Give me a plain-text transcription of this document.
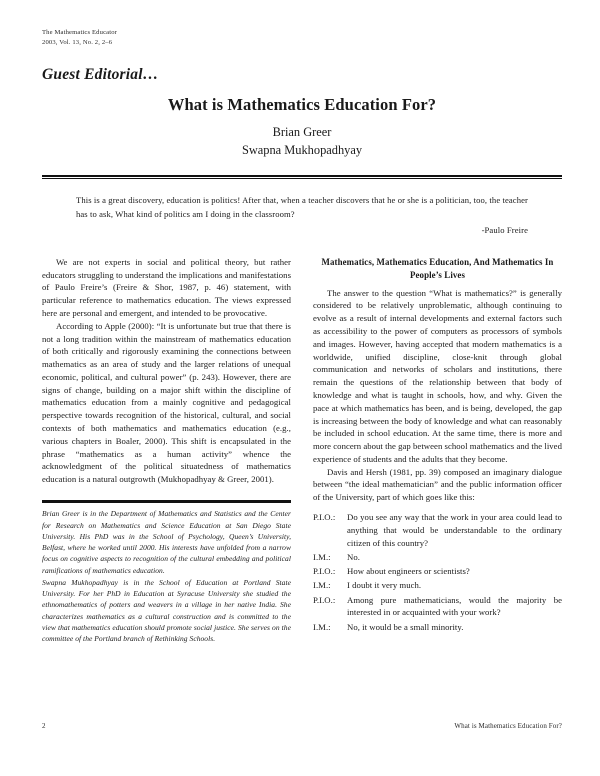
The Mathematics Educator
2003, Vol. 13, No. 2, 2–6
Guest Editorial…
What is Mathematics Education For?
Brian Greer
Swapna Mukhopadhyay
This is a great discovery, education is politics! After that, when a teacher discovers that he or she is a politician, too, the teacher has to ask, What kind of politics am I doing in the classroom?
-Paulo Freire

We are not experts in social and political theory, but rather educators struggling to understand the implications and manifestations of Paulo Freire’s (Freire & Shor, 1987, p. 46) statement, with particular reference to mathematics education. The views expressed here are personal and emergent, and intended to be provocative.

According to Apple (2000): “It is unfortunate but true that there is not a long tradition within the mainstream of mathematics education of both critically and rigorously examining the connections between mathematics as an area of study and the larger relations of unequal economic, political, and cultural power” (p. 243). However, there are signs of change, building on a major shift within the discipline of mathematics education from a mainly cognitive and pedagogical perspective towards recognition of the historical, cultural, and social contexts of both mathematics and mathematics education (e.g., various chapters in Boaler, 2000). This shift is encapsulated in the phrase “mathematics as a human activity” whence the acknowledgment of the political situatedness of mathematics education is a natural outgrowth (Mukhopadhyay & Greer, 2001).

Brian Greer is in the Department of Mathematics and Statistics and the Center for Research on Mathematics and Science Education at San Diego State University. His PhD was in the School of Psychology, Queen’s University, Belfast, where he worked until 2000. His interests have unfolded from a narrow focus on cognitive aspects to recognition of the cultural embedding and political ramifications of mathematics education.

Swapna Mukhopadhyay is in the School of Education at Portland State University. For her PhD in Education at Syracuse University she studied the ethnomathematics of potters and weavers in a village in her native India. She characterizes mathematics as a cultural construction and is committed to the view that mathematics education should promote social justice. She serves on the committee of the Portland branch of Rethinking Schools.

Mathematics, Mathematics Education, And Mathematics In People’s Lives

The answer to the question “What is mathematics?” is generally considered to be relatively unproblematic, although continuing to evolve as a result of internal developments and external factors such as accessibility to the power of computers as processors of symbols and images. However, having accepted that modern mathematics is a worldwide, unified discipline, close-knit through global communication and networks of scholars and institutions, there remain the questions of the relationship between that body of knowledge and what is taught in schools, how, and why. Given the pace at which mathematics has been, and is being, developed, the gap is increasing between the body of knowledge and what can reasonably be included in school education. At the same time, there is more and more concern about the gap between school mathematics and the lived experience of students and the adults that they become.

Davis and Hersh (1981, pp. 39) composed an imaginary dialogue between “the ideal mathematician” and the public information officer of the University, part of which goes like this:

P.I.O.:	Do you see any way that the work in your area could lead to anything that would be understandable to the ordinary citizen of this country?
I.M.:	No.
P.I.O.:	How about engineers or scientists?
I.M.:	I doubt it very much.
P.I.O.:	Among pure mathematicians, would the majority be interested in or acquainted with your work?
I.M.:	No, it would be a small minority.
2	What is Mathematics Education For?
